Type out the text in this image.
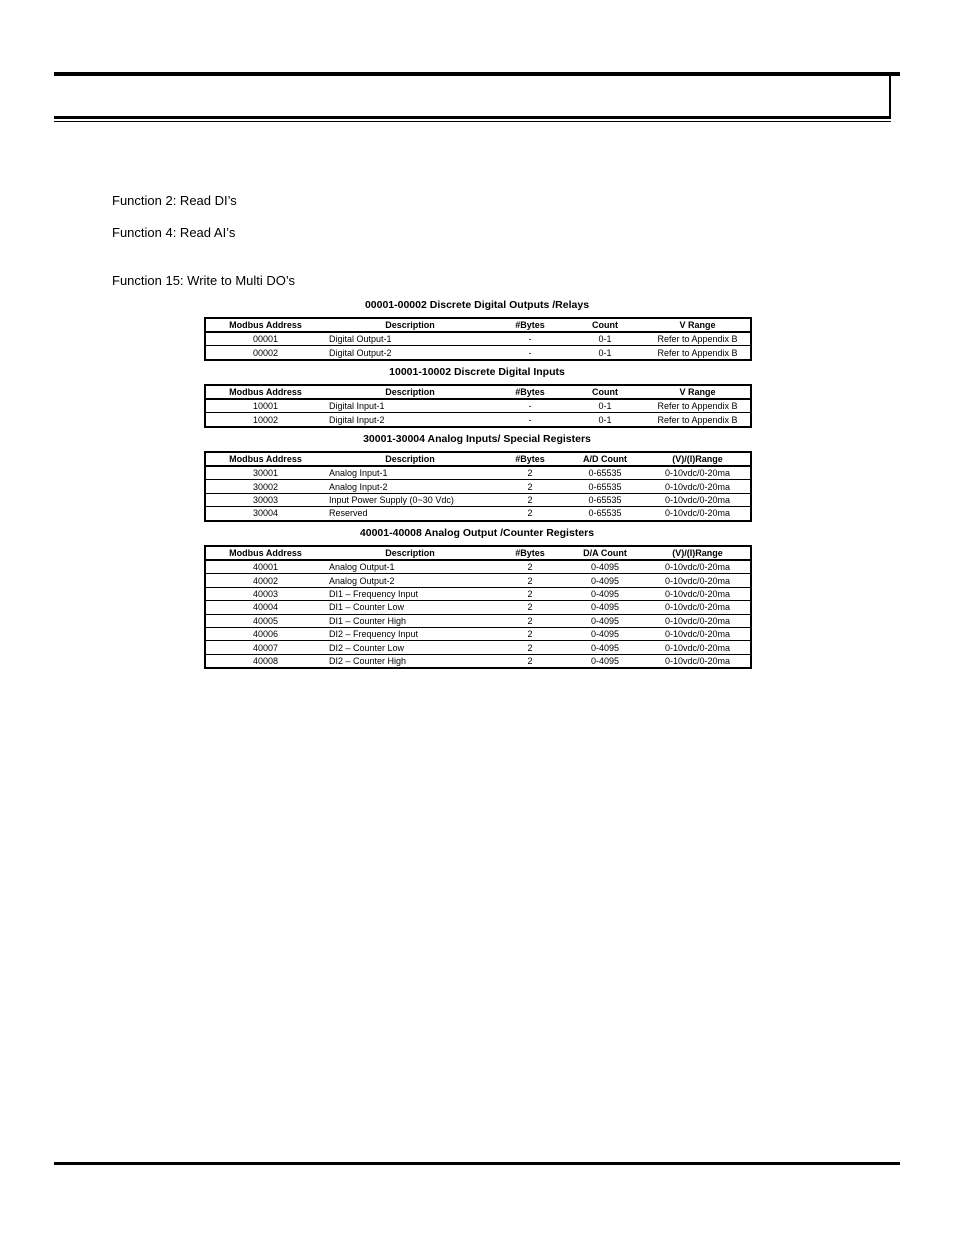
Function 2: Read DI’s
Function 4: Read AI’s
Function 15: Write to Multi DO’s
00001-00002 Discrete Digital Outputs /Relays
Modbus Address	Description	#Bytes	Count	V Range
00001	Digital Output-1	-	0-1	Refer to Appendix B
00002	Digital Output-2	-	0-1	Refer to Appendix B
10001-10002 Discrete Digital Inputs
Modbus Address	Description	#Bytes	Count	V Range
10001	Digital Input-1	-	0-1	Refer to Appendix B
10002	Digital Input-2	-	0-1	Refer to Appendix B
30001-30004 Analog Inputs/ Special Registers
Modbus Address	Description	#Bytes	A/D Count	(V)/(I)Range
30001	Analog Input-1	2	0-65535	0-10vdc/0-20ma
30002	Analog Input-2	2	0-65535	0-10vdc/0-20ma
30003	Input Power Supply (0~30 Vdc)	2	0-65535	0-10vdc/0-20ma
30004	Reserved	2	0-65535	0-10vdc/0-20ma
40001-40008 Analog Output /Counter Registers
Modbus Address	Description	#Bytes	D/A Count	(V)/(I)Range
40001	Analog Output-1	2	0-4095	0-10vdc/0-20ma
40002	Analog Output-2	2	0-4095	0-10vdc/0-20ma
40003	DI1 – Frequency Input	2	0-4095	0-10vdc/0-20ma
40004	DI1 – Counter Low	2	0-4095	0-10vdc/0-20ma
40005	DI1 – Counter High	2	0-4095	0-10vdc/0-20ma
40006	DI2 – Frequency Input	2	0-4095	0-10vdc/0-20ma
40007	DI2 – Counter Low	2	0-4095	0-10vdc/0-20ma
40008	DI2 – Counter High	2	0-4095	0-10vdc/0-20ma
